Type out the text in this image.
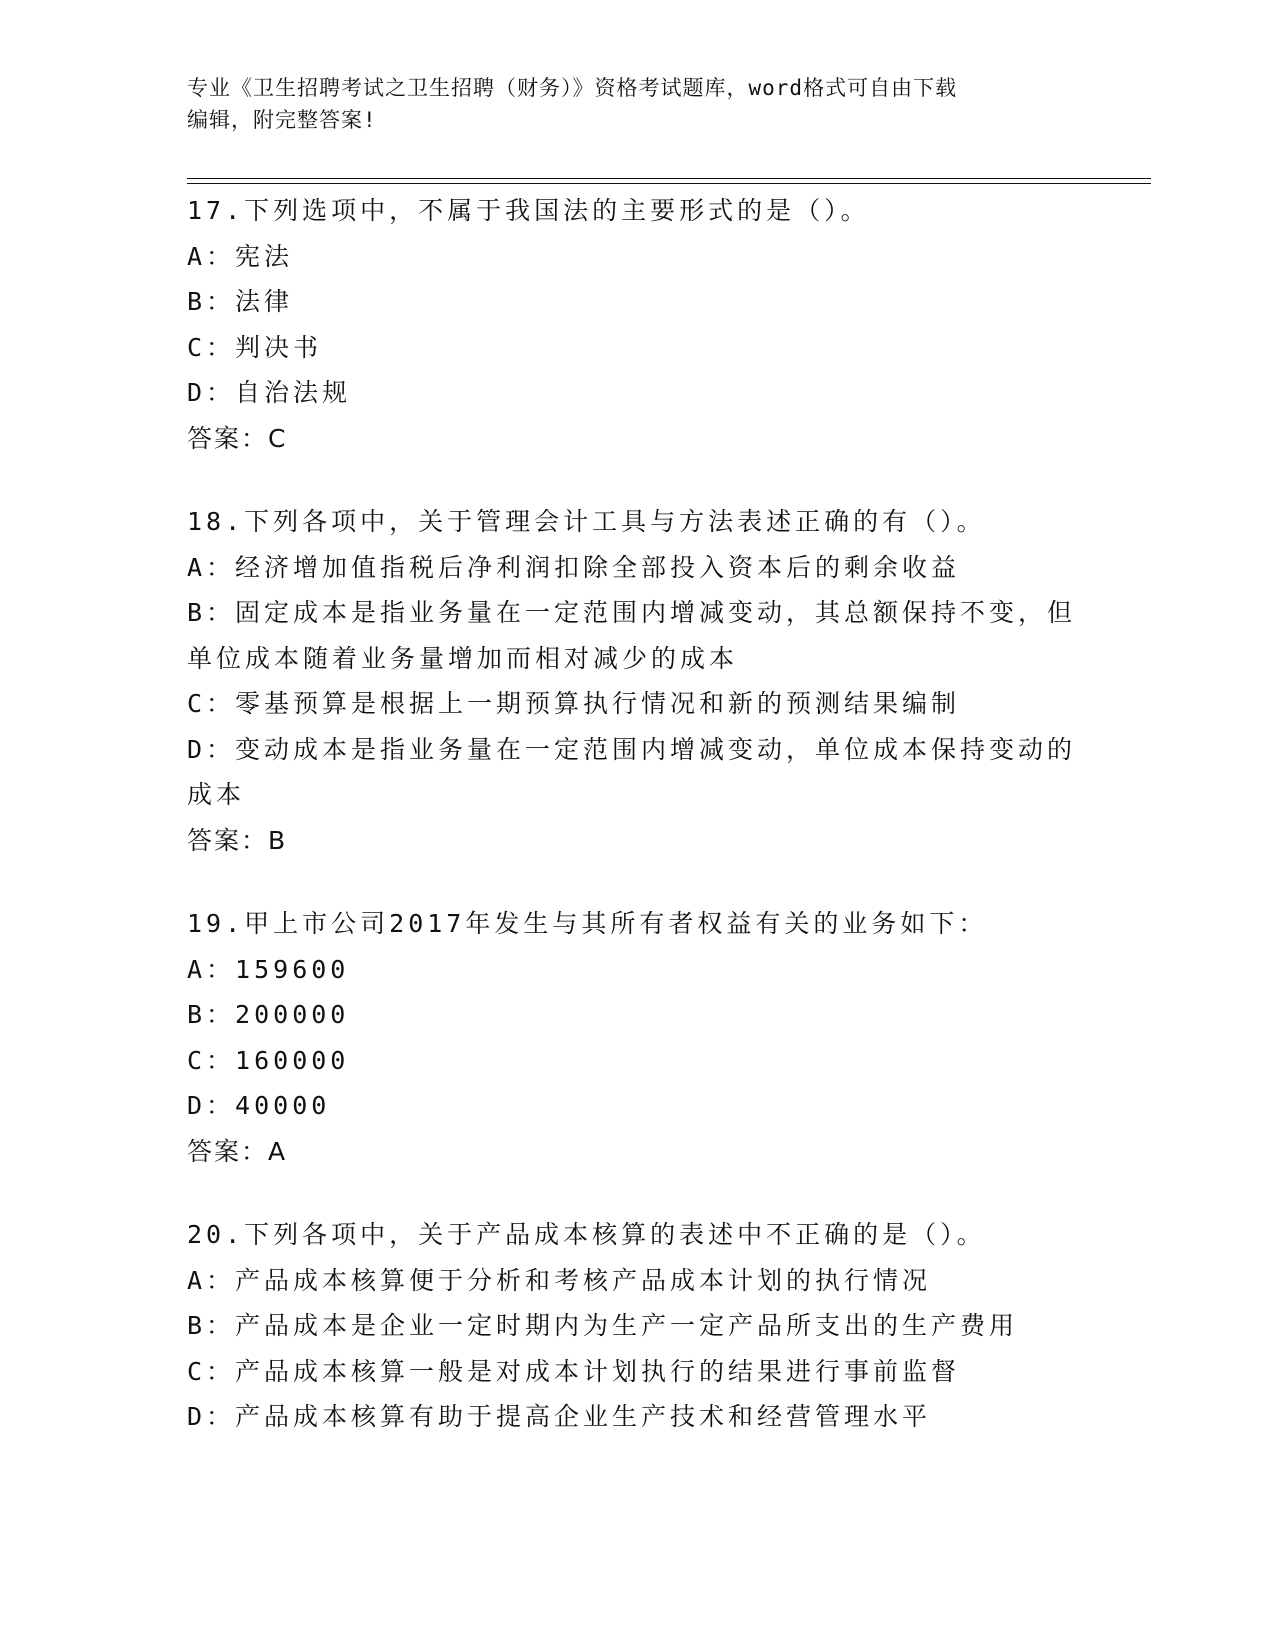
专业《卫生招聘考试之卫生招聘（财务）》资格考试题库，word格式可自由下载
编辑，附完整答案!

17.下列选项中，不属于我国法的主要形式的是（）。

A：宪法

B：法律

C：判决书

D：自治法规

答案：C

18.下列各项中，关于管理会计工具与方法表述正确的有（）。

A：经济增加值指税后净利润扣除全部投入资本后的剩余收益

B：固定成本是指业务量在一定范围内增减变动，其总额保持不变，但单位成本随着业务量增加而相对减少的成本

C：零基预算是根据上一期预算执行情况和新的预测结果编制

D：变动成本是指业务量在一定范围内增减变动，单位成本保持变动的成本

答案：B

19.甲上市公司2017年发生与其所有者权益有关的业务如下：

A：159600

B：200000

C：160000

D：40000

答案：A

20.下列各项中，关于产品成本核算的表述中不正确的是（）。

A：产品成本核算便于分析和考核产品成本计划的执行情况

B：产品成本是企业一定时期内为生产一定产品所支出的生产费用

C：产品成本核算一般是对成本计划执行的结果进行事前监督

D：产品成本核算有助于提高企业生产技术和经营管理水平
